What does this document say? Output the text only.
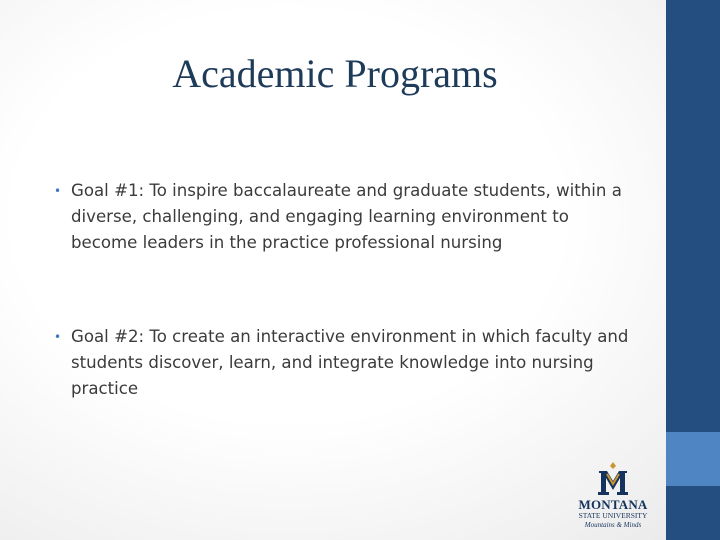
Academic Programs
• Goal #1: To inspire baccalaureate and graduate students, within a diverse, challenging, and engaging learning environment to become leaders in the practice professional nursing
• Goal #2: To create an interactive environment in which faculty and students discover, learn, and integrate knowledge into nursing practice
MONTANA
STATE UNIVERSITY
Mountains & Minds
